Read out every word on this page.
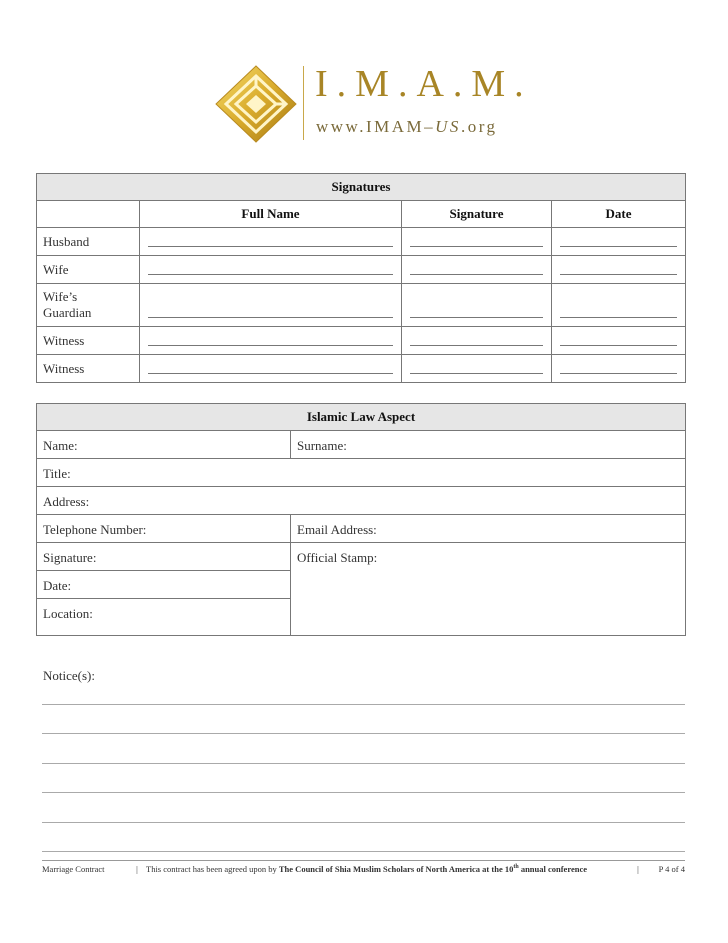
I.M.A.M.
www.IMAM–US.org
Signatures			
	Full Name	Signature	Date
Husband	

Wife	

Wife’s Guardian			

Witness	

Witness	

Islamic Law Aspect	
Name:	Surname:
Title:	
Address:	
Telephone Number:	Email Address:
Signature:	Official Stamp:
Date:	
Location:	
Notice(s):
Marriage Contract	| This contract has been agreed upon by The Council of Shia Muslim Scholars of North America at the 10th annual conference	|	P 4 of 4
